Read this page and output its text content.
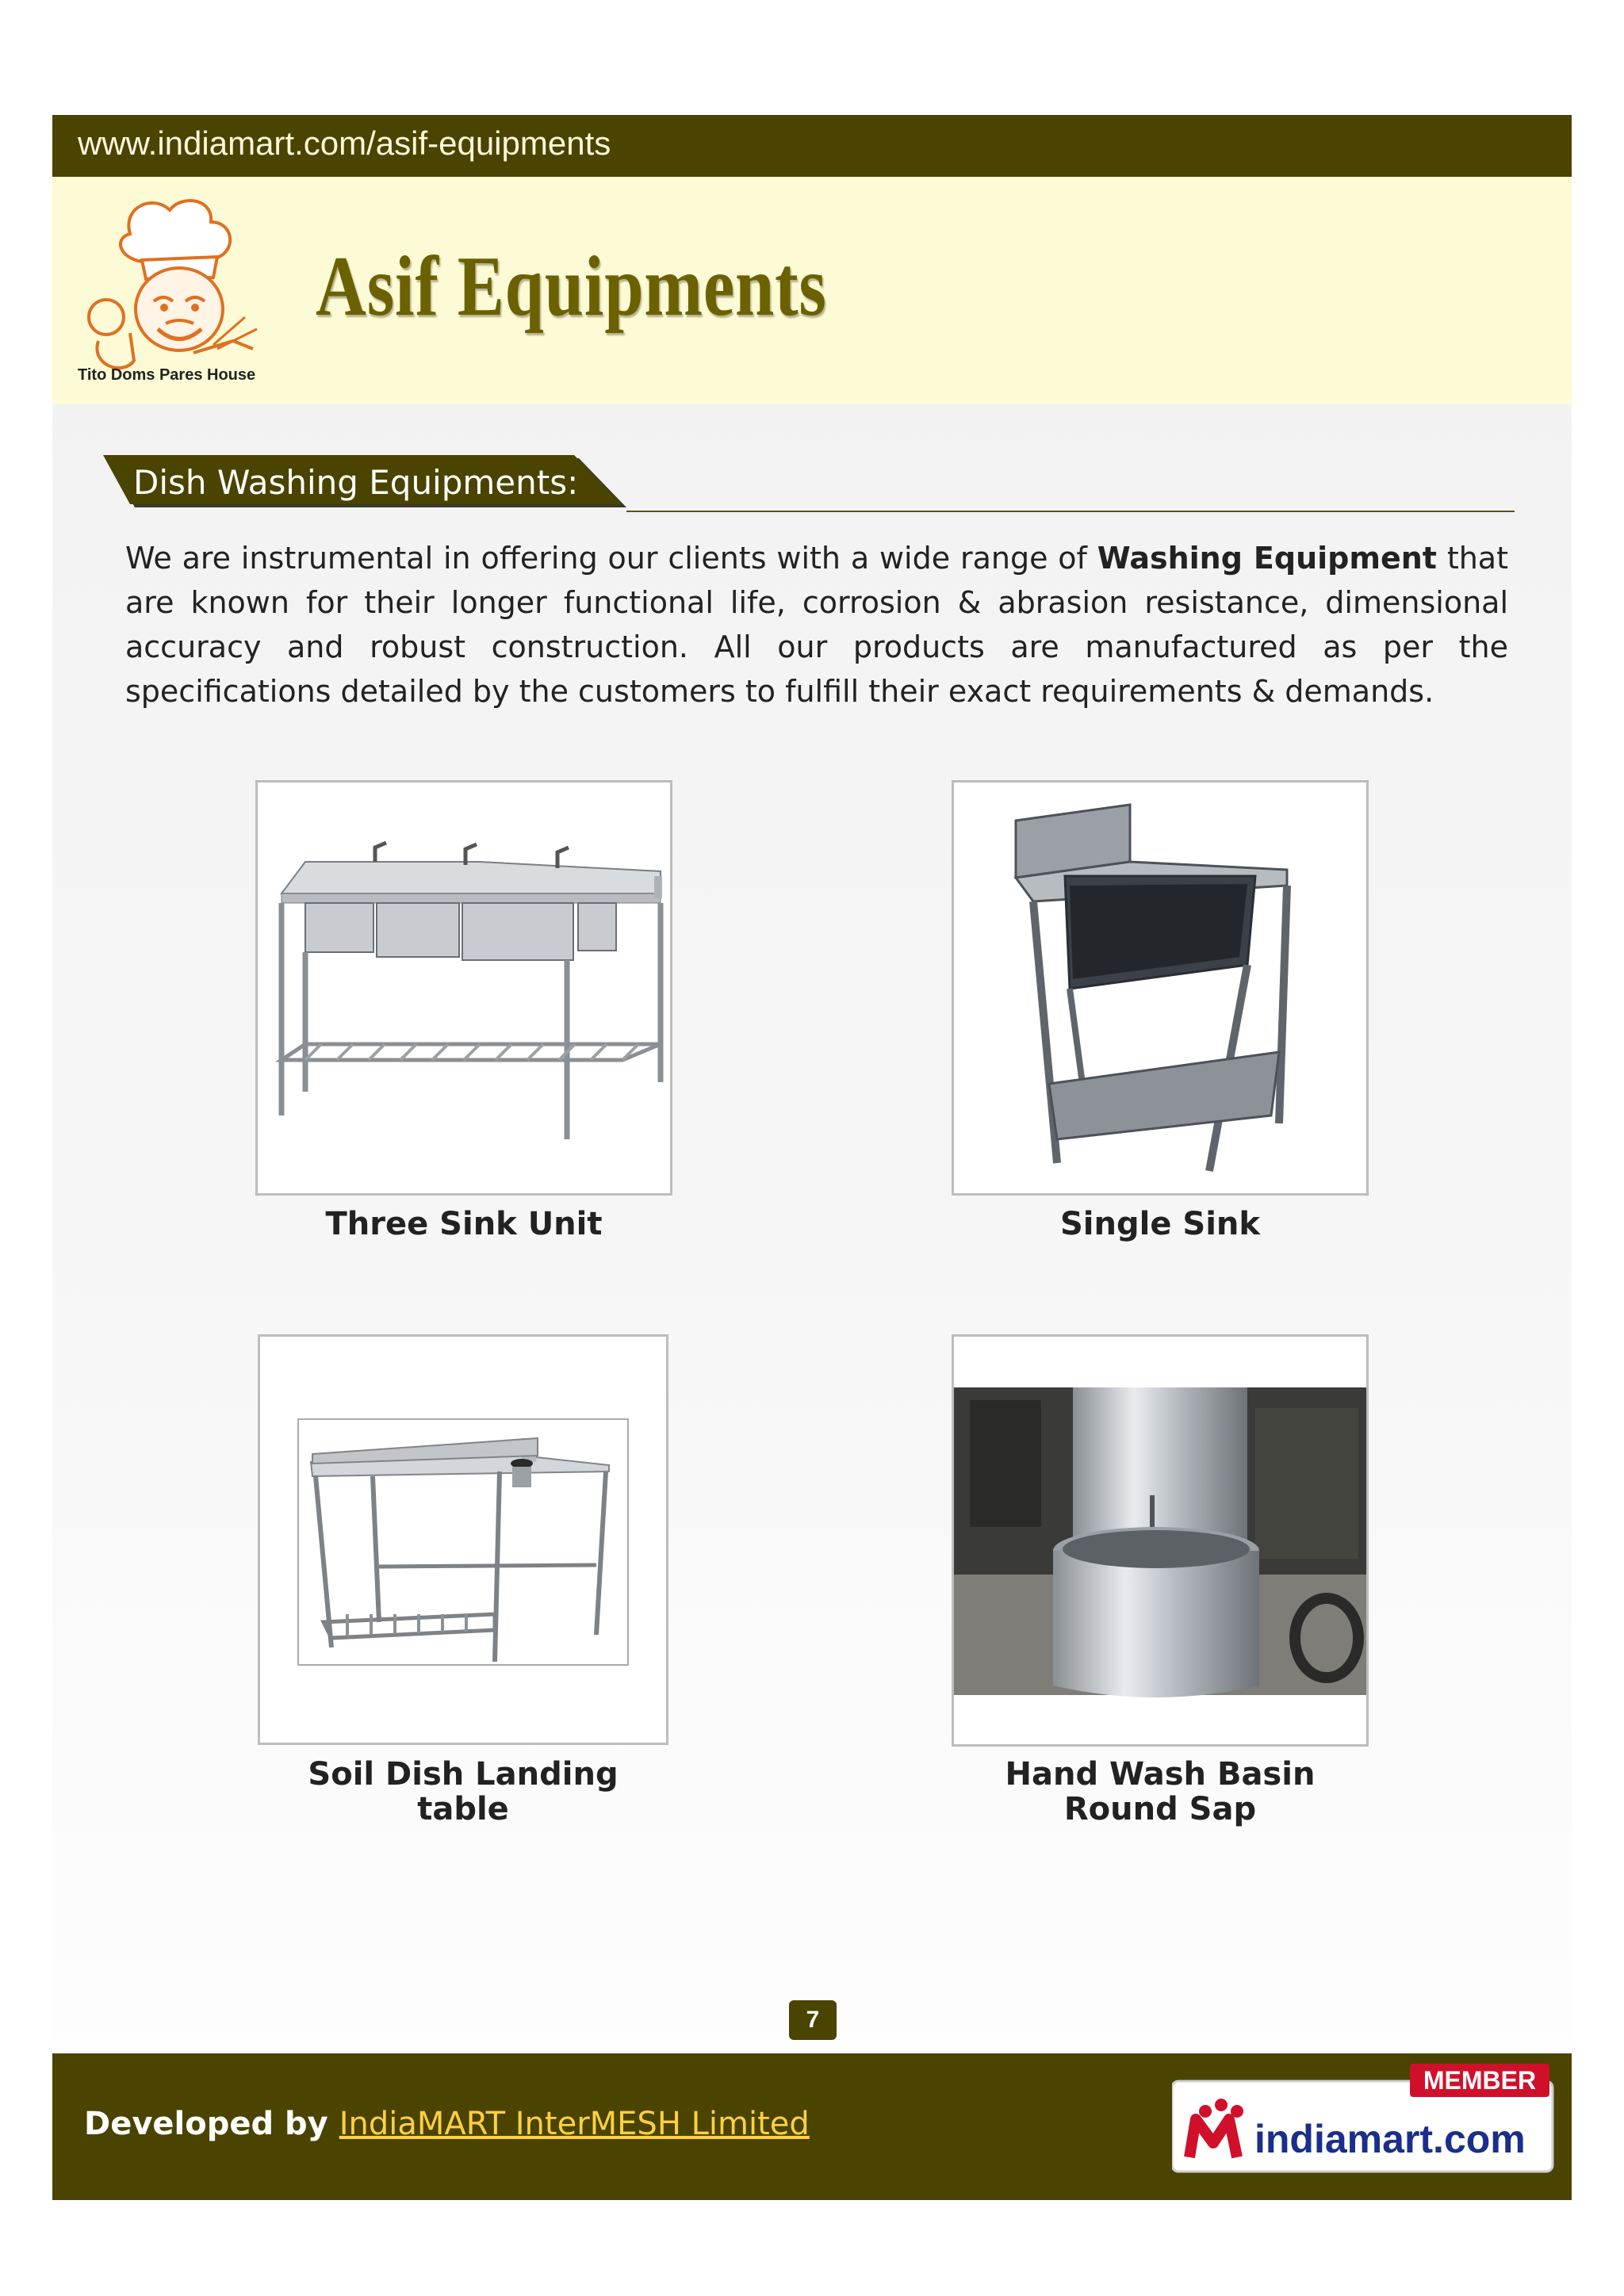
www.indiamart.com/asif-equipments
Tito Doms Pares House
Asif Equipments
Dish Washing Equipments:
We are instrumental in offering our clients with a wide range of Washing Equipment that are known for their longer functional life, corrosion & abrasion resistance, dimensional accuracy and robust construction. All our products are manufactured as per the specifications detailed by the customers to fulfill their exact requirements & demands.
Three Sink Unit	Single Sink
Soil Dish Landing table
Hand Wash Basin Round Sap
7
Developed by IndiaMART InterMESH Limited
MEMBER
indiamart.com
